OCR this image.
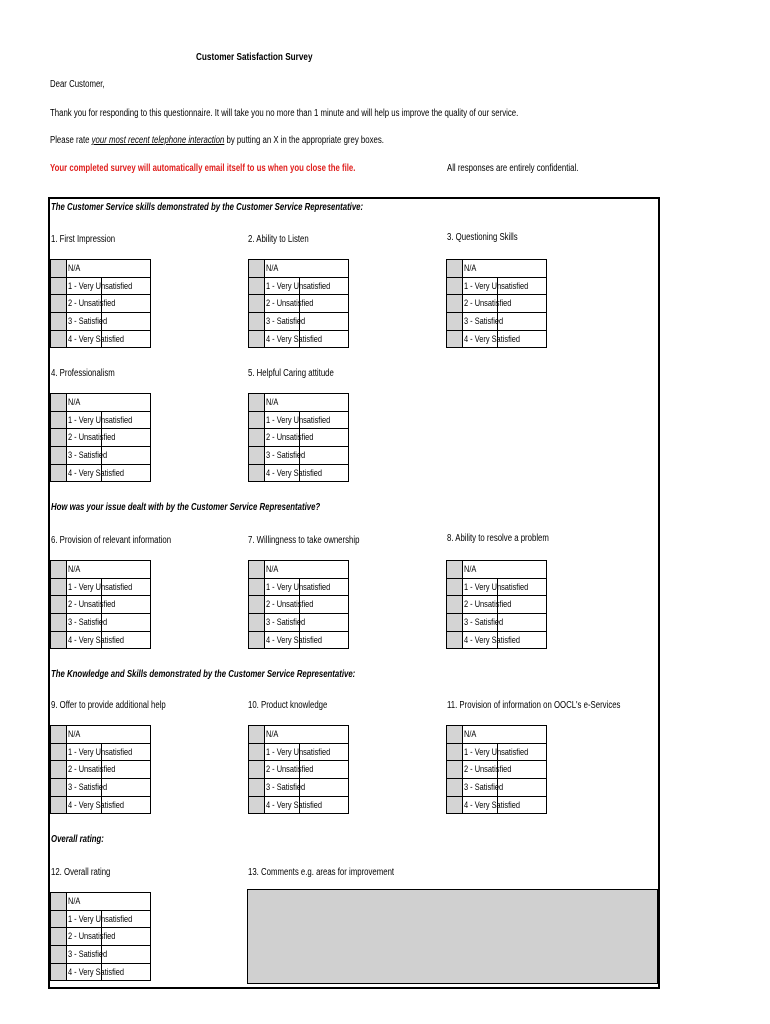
Customer Satisfaction Survey
Dear Customer,
Thank you for responding to this questionnaire. It will take you no more than 1 minute and will help us improve the quality of our service.
Please rate your most recent telephone interaction by putting an X in the appropriate grey boxes.
Your completed survey will automatically email itself to us when you close the file.	All responses are entirely confidential.
The Customer Service skills demonstrated by the Customer Service Representative:
How was your issue dealt with by the Customer Service Representative?
The Knowledge and Skills demonstrated by the Customer Service Representative:
Overall rating:
1. First Impression
	N/A
	1 - Very Unsatisfied

	2 - Unsatisfied

	3 - Satisfied

	4 - Very Satisfied
2. Ability to Listen
	N/A
	1 - Very Unsatisfied

	2 - Unsatisfied

	3 - Satisfied

	4 - Very Satisfied
3. Questioning Skills
	N/A
	1 - Very Unsatisfied

	2 - Unsatisfied

	3 - Satisfied

	4 - Very Satisfied
4. Professionalism
	N/A
	1 - Very Unsatisfied

	2 - Unsatisfied

	3 - Satisfied

	4 - Very Satisfied
5. Helpful Caring attitude
	N/A
	1 - Very Unsatisfied

	2 - Unsatisfied

	3 - Satisfied

	4 - Very Satisfied
6. Provision of relevant information
	N/A
	1 - Very Unsatisfied

	2 - Unsatisfied

	3 - Satisfied

	4 - Very Satisfied
7. Willingness to take ownership
	N/A
	1 - Very Unsatisfied

	2 - Unsatisfied

	3 - Satisfied

	4 - Very Satisfied
8. Ability to resolve a problem
	N/A
	1 - Very Unsatisfied

	2 - Unsatisfied

	3 - Satisfied

	4 - Very Satisfied
9. Offer to provide additional help
	N/A
	1 - Very Unsatisfied

	2 - Unsatisfied

	3 - Satisfied

	4 - Very Satisfied
10. Product knowledge
	N/A
	1 - Very Unsatisfied

	2 - Unsatisfied

	3 - Satisfied

	4 - Very Satisfied
11. Provision of information on OOCL's e-Services
	N/A
	1 - Very Unsatisfied

	2 - Unsatisfied

	3 - Satisfied

	4 - Very Satisfied
12. Overall rating
	N/A
	1 - Very Unsatisfied

	2 - Unsatisfied

	3 - Satisfied

	4 - Very Satisfied
13. Comments e.g. areas for improvement
